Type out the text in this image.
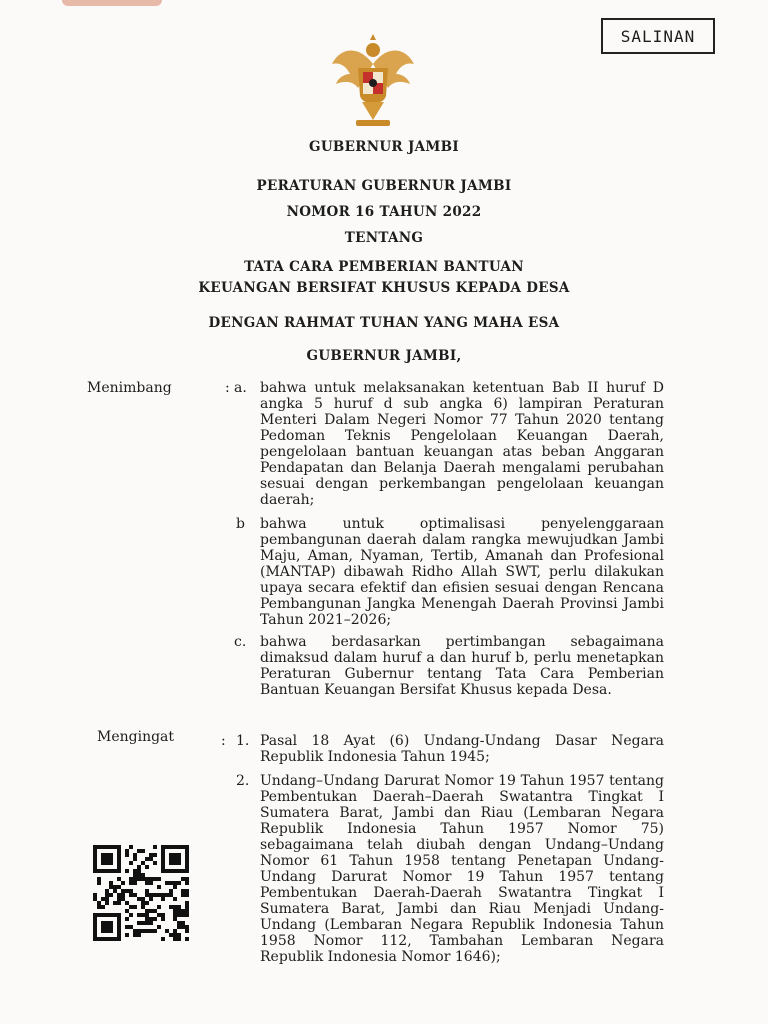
SALINAN
GUBERNUR JAMBI
PERATURAN GUBERNUR JAMBI
NOMOR 16 TAHUN 2022
TENTANG
TATA CARA PEMBERIAN BANTUAN
KEUANGAN BERSIFAT KHUSUS KEPADA DESA
DENGAN RAHMAT TUHAN YANG MAHA ESA
GUBERNUR JAMBI,
Menimbang	: a. bahwa untuk melaksanakan ketentuan Bab II huruf D angka 5 huruf d sub angka 6) lampiran Peraturan Menteri Dalam Negeri Nomor 77 Tahun 2020 tentang Pedoman Teknis Pengelolaan Keuangan Daerah, pengelolaan bantuan keuangan atas beban Anggaran Pendapatan dan Belanja Daerah mengalami perubahan sesuai dengan perkembangan pengelolaan keuangan daerah;
b bahwa untuk optimalisasi penyelenggaraan pembangunan daerah dalam rangka mewujudkan Jambi Maju, Aman, Nyaman, Tertib, Amanah dan Profesional (MANTAP) dibawah Ridho Allah SWT, perlu dilakukan upaya secara efektif dan efisien sesuai dengan Rencana Pembangunan Jangka Menengah Daerah Provinsi Jambi Tahun 2021–2026;
c. bahwa berdasarkan pertimbangan sebagaimana dimaksud dalam huruf a dan huruf b, perlu menetapkan Peraturan Gubernur tentang Tata Cara Pemberian Bantuan Keuangan Bersifat Khusus kepada Desa.
Mengingat	: 1. Pasal 18 Ayat (6) Undang-Undang Dasar Negara Republik Indonesia Tahun 1945;
2. Undang–Undang Darurat Nomor 19 Tahun 1957 tentang Pembentukan Daerah–Daerah Swatantra Tingkat I Sumatera Barat, Jambi dan Riau (Lembaran Negara Republik Indonesia Tahun 1957 Nomor 75) sebagaimana telah diubah dengan Undang–Undang Nomor 61 Tahun 1958 tentang Penetapan Undang-Undang Darurat Nomor 19 Tahun 1957 tentang Pembentukan Daerah-Daerah Swatantra Tingkat I Sumatera Barat, Jambi dan Riau Menjadi Undang-Undang (Lembaran Negara Republik Indonesia Tahun 1958 Nomor 112, Tambahan Lembaran Negara Republik Indonesia Nomor 1646);
